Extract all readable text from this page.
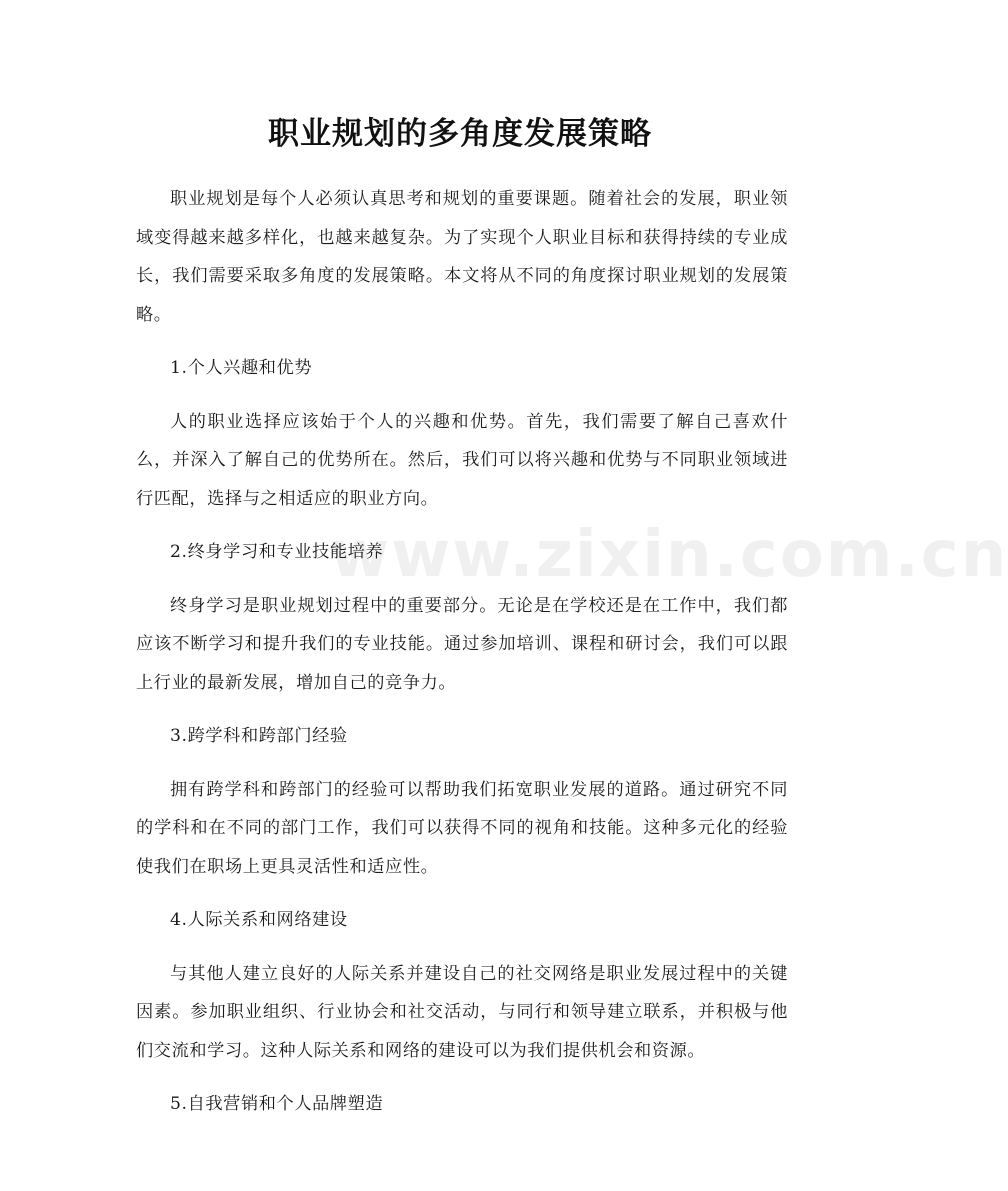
职业规划的多角度发展策略
www.zixin.com.cn

职业规划是每个人必须认真思考和规划的重要课题。随着社会的发展，职业领域变得越来越多样化，也越来越复杂。为了实现个人职业目标和获得持续的专业成长，我们需要采取多角度的发展策略。本文将从不同的角度探讨职业规划的发展策略。

1.个人兴趣和优势

人的职业选择应该始于个人的兴趣和优势。首先，我们需要了解自己喜欢什么，并深入了解自己的优势所在。然后，我们可以将兴趣和优势与不同职业领域进行匹配，选择与之相适应的职业方向。

2.终身学习和专业技能培养

终身学习是职业规划过程中的重要部分。无论是在学校还是在工作中，我们都应该不断学习和提升我们的专业技能。通过参加培训、课程和研讨会，我们可以跟上行业的最新发展，增加自己的竞争力。

3.跨学科和跨部门经验

拥有跨学科和跨部门的经验可以帮助我们拓宽职业发展的道路。通过研究不同的学科和在不同的部门工作，我们可以获得不同的视角和技能。这种多元化的经验使我们在职场上更具灵活性和适应性。

4.人际关系和网络建设

与其他人建立良好的人际关系并建设自己的社交网络是职业发展过程中的关键因素。参加职业组织、行业协会和社交活动，与同行和领导建立联系，并积极与他们交流和学习。这种人际关系和网络的建设可以为我们提供机会和资源。

5.自我营销和个人品牌塑造
